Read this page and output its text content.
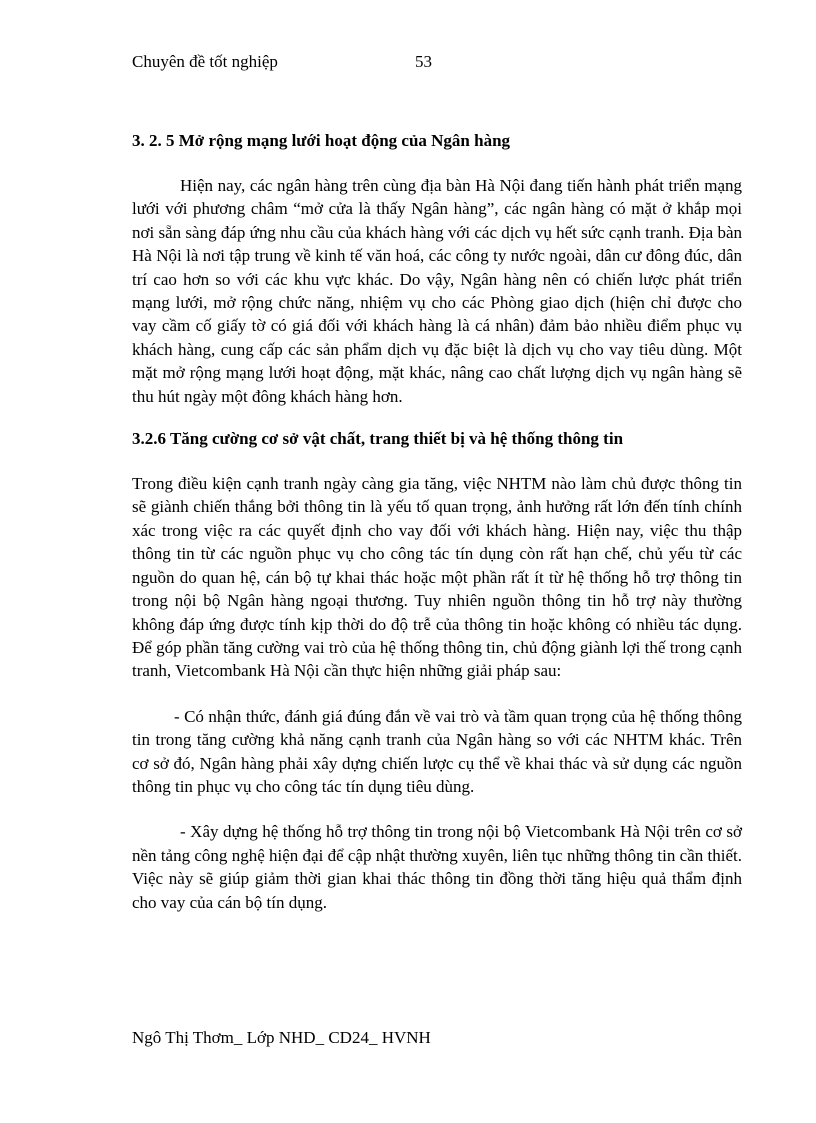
Chuyên đề tốt nghiệp	53
3. 2. 5 Mở rộng mạng lưới hoạt động của Ngân hàng

Hiện nay, các ngân hàng trên cùng địa bàn Hà Nội đang tiến hành phát triển mạng lưới với phương châm “mở cửa là thấy Ngân hàng”, các ngân hàng có mặt ở khắp mọi nơi sẵn sàng đáp ứng nhu cầu của khách hàng với các dịch vụ hết sức cạnh tranh. Địa bàn Hà Nội là nơi tập trung về kinh tế văn hoá, các công ty nước ngoài, dân cư đông đúc, dân trí cao hơn so với các khu vực khác. Do vậy, Ngân hàng nên có chiến lược phát triển mạng lưới, mở rộng chức năng, nhiệm vụ cho các Phòng giao dịch (hiện chỉ được cho vay cầm cố giấy tờ có giá đối với khách hàng là cá nhân) đảm bảo nhiều điểm phục vụ khách hàng, cung cấp các sản phẩm dịch vụ đặc biệt là dịch vụ cho vay tiêu dùng. Một mặt mở rộng mạng lưới hoạt động, mặt khác, nâng cao chất lượng dịch vụ ngân hàng sẽ thu hút ngày một đông khách hàng hơn.

3.2.6 Tăng cường cơ sở vật chất, trang thiết bị và hệ thống thông tin

Trong điều kiện cạnh tranh ngày càng gia tăng, việc NHTM nào làm chủ được thông tin sẽ giành chiến thắng bởi thông tin là yếu tố quan trọng, ảnh hưởng rất lớn đến tính chính xác trong việc ra các quyết định cho vay đối với khách hàng. Hiện nay, việc thu thập thông tin từ các nguồn phục vụ cho công tác tín dụng còn rất hạn chế, chủ yếu từ các nguồn do quan hệ, cán bộ tự khai thác hoặc một phần rất ít từ hệ thống hỗ trợ thông tin trong nội bộ Ngân hàng ngoại thương. Tuy nhiên nguồn thông tin hỗ trợ này thường không đáp ứng được tính kịp thời do độ trễ của thông tin hoặc không có nhiều tác dụng. Để góp phần tăng cường vai trò của hệ thống thông tin, chủ động giành lợi thế trong cạnh tranh, Vietcombank Hà Nội cần thực hiện những giải pháp sau:

- Có nhận thức, đánh giá đúng đắn về vai trò và tầm quan trọng của hệ thống thông tin trong tăng cường khả năng cạnh tranh của Ngân hàng so với các NHTM khác. Trên cơ sở đó, Ngân hàng phải xây dựng chiến lược cụ thể về khai thác và sử dụng các nguồn thông tin phục vụ cho công tác tín dụng tiêu dùng.

- Xây dựng hệ thống hỗ trợ thông tin trong nội bộ Vietcombank Hà Nội trên cơ sở nền tảng công nghệ hiện đại để cập nhật thường xuyên, liên tục những thông tin cần thiết. Việc này sẽ giúp giảm thời gian khai thác thông tin đồng thời tăng hiệu quả thẩm định cho vay của cán bộ tín dụng.

Ngô Thị Thơm_ Lớp NHD_ CD24_ HVNH
